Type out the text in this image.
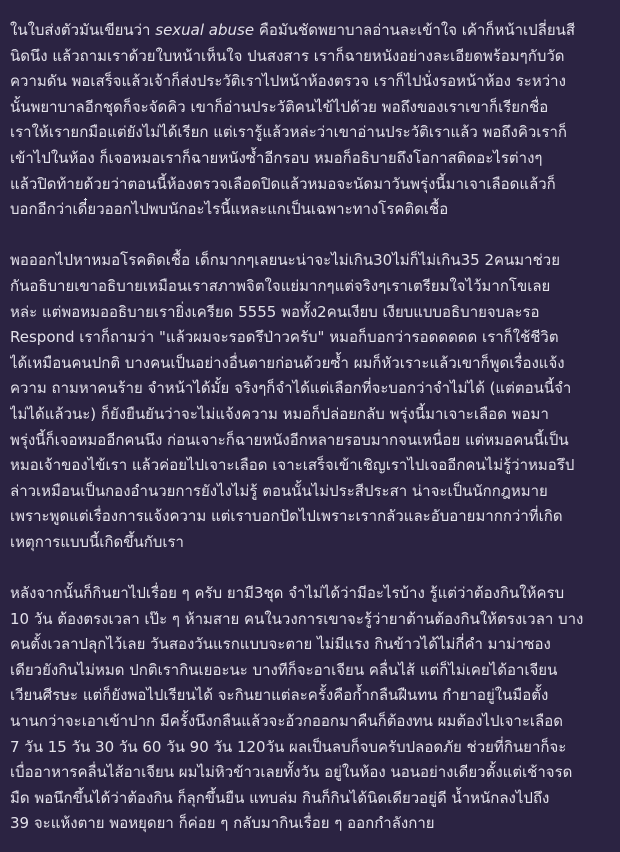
ในใบส่งตัวมันเขียนว่า sexual abuse คือมันชัดพยาบาลอ่านละเข้าใจ เค้าก็หน้าเปลี่ยนสี
นิดนึง แล้วถามเราด้วยใบหน้าเห็นใจ ปนสงสาร เราก็ฉายหนังอย่างละเอียดพร้อมๆกับวัด
ความดัน พอเสร็จแล้วเจ้าก็ส่งประวัติเราไปหน้าห้องตรวจ เราก็ไปนั่งรอหน้าห้อง ระหว่าง
นั้นพยาบาลอีกชุดก็จะจัดคิว เขาก็อ่านประวัติคนไข้ไปด้วย พอถึงของเราเขาก็เรียกชื่อ
เราให้เรายกมือแต่ยังไม่ได้เรียก แต่เรารู้แล้วหล่ะว่าเขาอ่านประวัติเราแล้ว พอถึงคิวเราก็
เข้าไปในห้อง ก็เจอหมอเราก็ฉายหนังซ้ำอีกรอบ หมอก็อธิบายถึงโอกาสติดอะไรต่างๆ
แล้วปิดท้ายด้วยว่าตอนนี้ห้องตรวจเลือดปิดแล้วหมอจะนัดมาวันพรุ่งนี้มาเจาเลือดแล้วก็
บอกอีกว่าเดี๋ยวออกไปพบนักอะไรนี้แหละแกเป็นเฉพาะทางโรคติดเชื้อ
พอออกไปหาหมอโรคติดเชื้อ เด็กมากๆเลยนะน่าจะไม่เกิน30ไม่ก็ไม่เกิน35 2คนมาช่วย
กันอธิบายเขาอธิบายเหมือนเราสภาพจิตใจแย่มากๆแต่จริงๆเราเตรียมใจไว้มากโขเลย
หล่ะ แต่พอหมออธิบายเรายิ่งเครียด 5555 พอทั้ง2คนเงียบ เงียบแบบอธิบายจบละรอ
Respond เราก็ถามว่า "แล้วผมจะรอดรึป่าวครับ" หมอก็บอกว่ารอดดดดด เราก็ใช้ชีวิต
ได้เหมือนคนปกติ บางคนเป็นอย่างอื่นตายก่อนด้วยซ้ำ ผมก็หัวเราะแล้วเขาก็พูดเรื่องแจ้ง
ความ ถามหาคนร้าย จำหน้าได้มั้ย จริงๆก็จำได้แต่เลือกที่จะบอกว่าจำไม่ได้ (แต่ตอนนี้จำ
ไม่ได้แล้วนะ) ก็ยังยืนยันว่าจะไม่แจ้งความ หมอก็ปล่อยกลับ พรุ่งนี้มาเจาะเลือด พอมา
พรุ่งนี้ก็เจอหมออีกคนนึง ก่อนเจาะก็ฉายหนังอีกหลายรอบมากจนเหนื่อย แต่หมอคนนี้เป็น
หมอเจ้าของไข้เรา แล้วค่อยไปเจาะเลือด เจาะเสร็จเข้าเชิญเราไปเจออีกคนไม่รู้ว่าหมอรึป
ล่าวเหมือนเป็นกองอำนวยการยังไงไม่รู้ ตอนนั้นไม่ประสีประสา น่าจะเป็นนักกฎหมาย
เพราะพูดแต่เรื่องการแจ้งความ แต่เราบอกปัดไปเพราะเรากลัวและอับอายมากกว่าที่เกิด
เหตุการแบบนี้เกิดขึ้นกับเรา
หลังจากนั้นก็กินยาไปเรื่อย ๆ ครับ ยามี3ชุด จำไม่ได้ว่ามีอะไรบ้าง รู้แต่ว่าต้องกินให้ครบ
10 วัน ต้องตรงเวลา เป๊ะ ๆ ห้ามสาย คนในวงการเขาจะรู้ว่ายาต้านต้องกินให้ตรงเวลา บาง
คนตั้งเวลาปลุกไว้เลย วันสองวันแรกแบบจะตาย ไม่มีแรง กินข้าวได้ไม่กี่คำ มาม่าซอง
เดียวยังกินไม่หมด ปกติเรากินเยอะนะ บางทีก็จะอาเจียน คลื่นไส้ แต่ก็ไม่เคยได้อาเจียน
เวียนศีรษะ แต่ก็ยังพอไปเรียนได้ จะกินยาแต่ละครั้งคือก้ำกลืนฝืนทน กำยาอยู่ในมือตั้ง
นานกว่าจะเอาเข้าปาก มีครั้งนึงกลืนแล้วจะอ้วกออกมาคืนก็ต้องทน ผมต้องไปเจาะเลือด
7 วัน 15 วัน 30 วัน 60 วัน 90 วัน 120วัน ผลเป็นลบก็จบครับปลอดภัย ช่วยที่กินยาก็จะ
เบื่ออาหารคลื่นไส้อาเจียน ผมไม่หิวข้าวเลยทั้งวัน อยู่ในห้อง นอนอย่างเดียวตั้งแต่เช้าจรด
มืด พอนึกขึ้นได้ว่าต้องกิน ก็ลุกขึ้นยืน แทบล่ม กินก็กินได้นิดเดียวอยู่ดี น้ำหนักลงไปถึง
39 จะแห้งตาย พอหยุดยา ก็ค่อย ๆ กลับมากินเรื่อย ๆ ออกกำลังกาย
